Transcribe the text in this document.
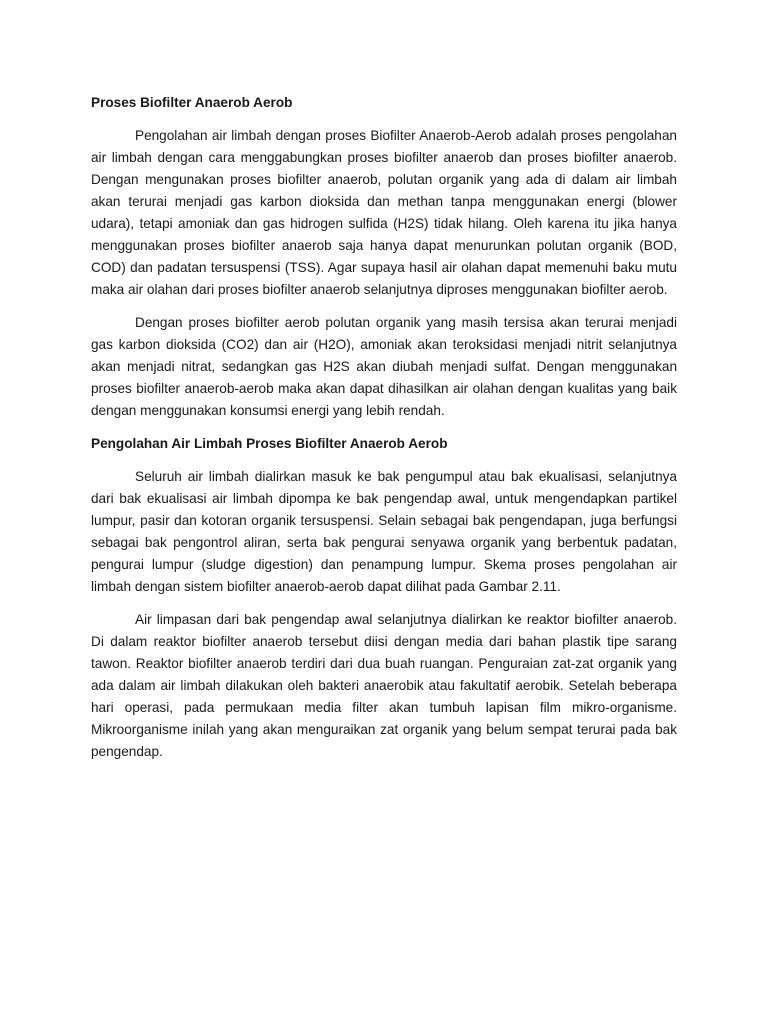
Proses Biofilter Anaerob Aerob

Pengolahan air limbah dengan proses Biofilter Anaerob-Aerob adalah proses pengolahan air limbah dengan cara menggabungkan proses biofilter anaerob dan proses biofilter anaerob. Dengan mengunakan proses biofilter anaerob, polutan organik yang ada di dalam air limbah akan terurai menjadi gas karbon dioksida dan methan tanpa menggunakan energi (blower udara), tetapi amoniak dan gas hidrogen sulfida (H2S) tidak hilang. Oleh karena itu jika hanya menggunakan proses biofilter anaerob saja hanya dapat menurunkan polutan organik (BOD, COD) dan padatan tersuspensi (TSS). Agar supaya hasil air olahan dapat memenuhi baku mutu maka air olahan dari proses biofilter anaerob selanjutnya diproses menggunakan biofilter aerob.

Dengan proses biofilter aerob polutan organik yang masih tersisa akan terurai menjadi gas karbon dioksida (CO2) dan air (H2O), amoniak akan teroksidasi menjadi nitrit selanjutnya akan menjadi nitrat, sedangkan gas H2S akan diubah menjadi sulfat. Dengan menggunakan proses biofilter anaerob-aerob maka akan dapat dihasilkan air olahan dengan kualitas yang baik dengan menggunakan konsumsi energi yang lebih rendah.

Pengolahan Air Limbah Proses Biofilter Anaerob Aerob

Seluruh air limbah dialirkan masuk ke bak pengumpul atau bak ekualisasi, selanjutnya dari bak ekualisasi air limbah dipompa ke bak pengendap awal, untuk mengendapkan partikel lumpur, pasir dan kotoran organik tersuspensi. Selain sebagai bak pengendapan, juga berfungsi sebagai bak pengontrol aliran, serta bak pengurai senyawa organik yang berbentuk padatan, pengurai lumpur (sludge digestion) dan penampung lumpur. Skema proses pengolahan air limbah dengan sistem biofilter anaerob-aerob dapat dilihat pada Gambar 2.11.

Air limpasan dari bak pengendap awal selanjutnya dialirkan ke reaktor biofilter anaerob. Di dalam reaktor biofilter anaerob tersebut diisi dengan media dari bahan plastik tipe sarang tawon. Reaktor biofilter anaerob terdiri dari dua buah ruangan. Penguraian zat-zat organik yang ada dalam air limbah dilakukan oleh bakteri anaerobik atau fakultatif aerobik. Setelah beberapa hari operasi, pada permukaan media filter akan tumbuh lapisan film mikro-organisme. Mikroorganisme inilah yang akan menguraikan zat organik yang belum sempat terurai pada bak pengendap.
